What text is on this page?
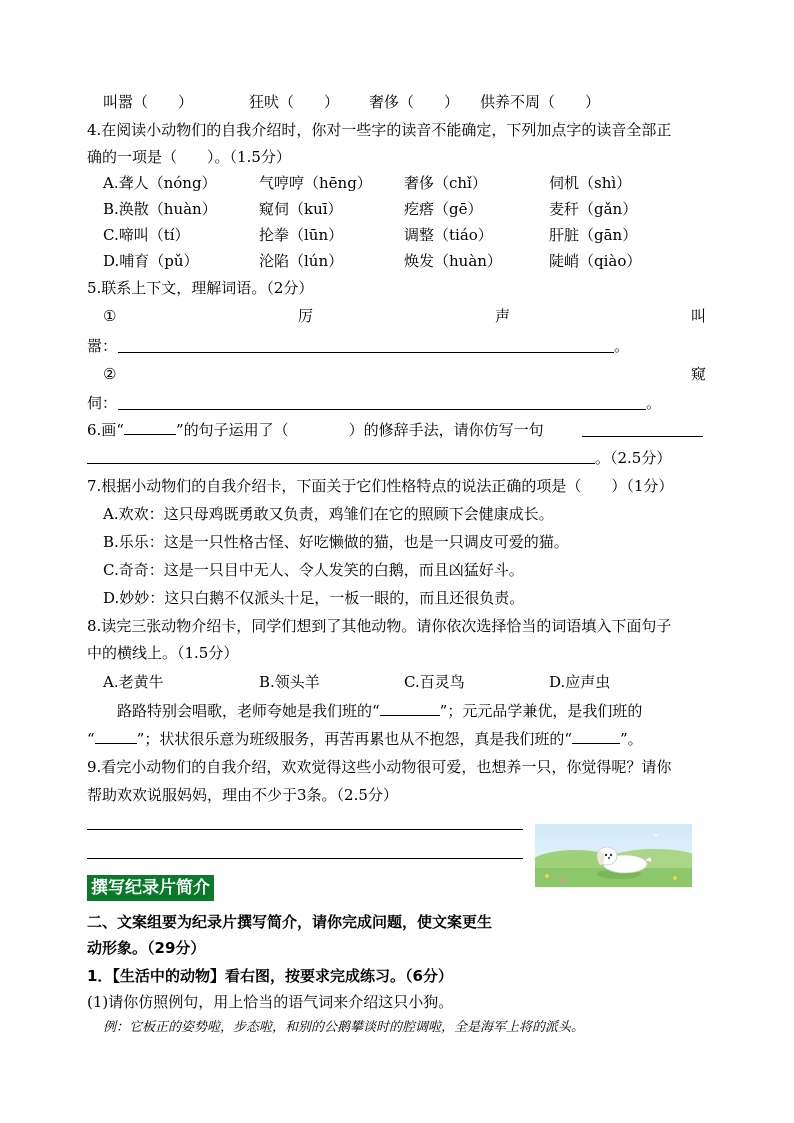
叫嚣（　　）	狂吠（　　） 奢侈（　　） 供养不周（　　）
4.在阅读小动物们的自我介绍时，你对一些字的读音不能确定，下列加点字的读音全部正
确的一项是（　　）。（1.5分）
A.聋人（nóng）	气哼哼（hēng） 奢侈（chǐ）	伺机（shì）
B.涣散（huàn）	窥伺（kuī）	疙瘩（gē）	麦秆（gǎn）
C.啼叫（tí）	抡拳（lūn）	调整（tiáo）	肝脏（gān）
D.哺育（pǔ）	沦陷（lún）	焕发（huàn）	陡峭（qiào）
5.联系上下文，理解词语。（2分）
①	厉	声	叫
嚣：	。
②	窥
伺：	。
6.画“	”的句子运用了（	）的修辞手法，请你仿写一句
。（2.5分）
7.根据小动物们的自我介绍卡，下面关于它们性格特点的说法正确的项是（　　）（1分）
A.欢欢：这只母鸡既勇敢又负责，鸡雏们在它的照顾下会健康成长。
B.乐乐：这是一只性格古怪、好吃懒做的猫，也是一只调皮可爱的猫。
C.奇奇：这是一只目中无人、令人发笑的白鹅，而且凶猛好斗。
D.妙妙：这只白鹅不仅派头十足，一板一眼的，而且还很负责。
8.读完三张动物介绍卡，同学们想到了其他动物。请你依次选择恰当的词语填入下面句子
中的横线上。（1.5分）
A.老黄牛	B.领头羊	C.百灵鸟	D.应声虫
路路特别会唱歌，老师夸她是我们班的“	”；元元品学兼优，是我们班的
“	”；状状很乐意为班级服务，再苦再累也从不抱怨，真是我们班的“	”。
9.看完小动物们的自我介绍，欢欢觉得这些小动物很可爱，也想养一只，你觉得呢？请你
帮助欢欢说服妈妈，理由不少于3条。（2.5分）
撰写纪录片简介
二、文案组要为纪录片撰写简介，请你完成问题，使文案更生
动形象。（29分）
1．【生活中的动物】看右图，按要求完成练习。（6分）
(1)请你仿照例句，用上恰当的语气词来介绍这只小狗。
例：它板正的姿势啦，步态啦，和别的公鹅攀谈时的腔调啦，全是海军上将的派头。
